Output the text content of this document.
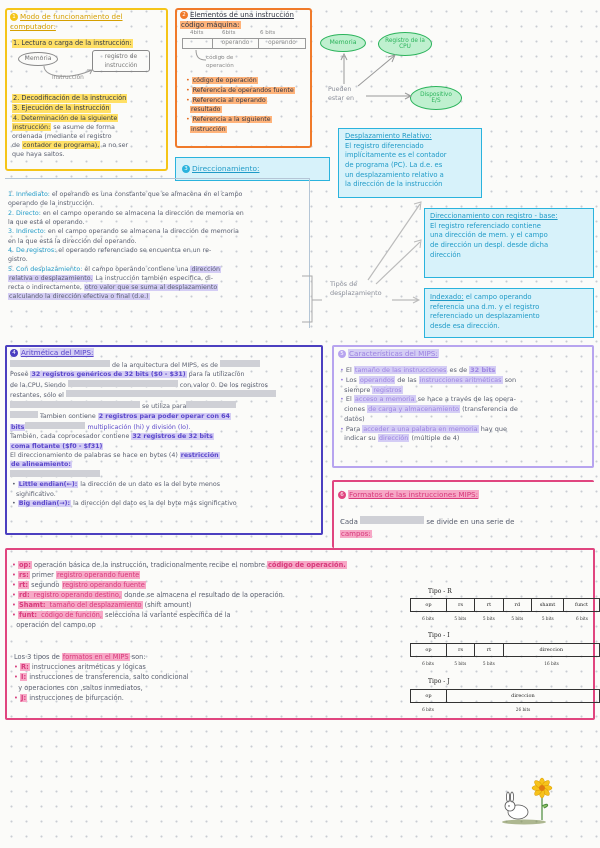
1 Modo de funcionamiento del
computador:
1. Lectura o carga de la instrucción:
Memoria	registro de instrucción
instrucción
2. Decodificación de la instrucción
3. Ejecución de la instrucción
4. Determinación de la siguiente
instrucción: se asume de forma
ordenada (mediante el registro
de contador de programa), a no ser
que haya saltos.
2 Elementos de una instrucción
código máquina:
4bits	6bits	6 bits
operando	operando
código de operación
• código de operación
• Referencia de operandos fuente
• Referencia al operando
resultado
• Referencia a la siguiente
instrucción
Memoria	Registro de la CPU
Dispositivo E/S
Pueden estar en
Desplazamiento Relativo:
El registro diferenciado
implícitamente es el contador
de programa (PC). La d.e. es
un desplazamiento relativo a
la dirección de la instrucción
3 Direccionamiento:
1. Inmediato: el operando es una constante que se almacena en el campo
operando de la instrucción.
2. Directo: en el campo operando se almacena la dirección de memoria en
la que está el operando.
3. Indirecto: en el campo operando se almacena la dirección de memoria
en la que está la dirección del operando.
4. De registros: el operando referenciado se encuentra en un re-
gistro.
5. Con desplazamiento: el campo operando contiene una dirección
relativa o desplazamiento. La instrucción también especifica, di-
recta o indirectamente, otro valor que se suma al desplazamiento
calculando la dirección efectiva o final (d.e.)
Tipos de desplazamiento
Direccionamiento con registro - base:
El registro referenciado contiene
una dirección de mem. y el campo
de dirección un despl. desde dicha
dirección
Indexado: el campo operando
referencia una d.m. y el registro
referenciado un desplazamiento
desde esa dirección.
4 Aritmética del MIPS:
de la arquitectura del MIPS, es de
Posee 32 registros genéricos de 32 bits ($0 - $31) para la utilización
de la CPU. Siendo	con valor 0. De los registros
restantes, sólo el
se utiliza para
Tambien contiene 2 registros para poder operar con 64
bits	multiplicación (hi) y división (lo).
También, cada coprocesador contiene 32 registros de 32 bits
coma flotante ($f0 - $f31)
El direccionamiento de palabras se hace en bytes (4) restricción
de alineamiento:

• Little endian(←): la dirección de un dato es la del byte menos
significativo.
• Big endian(→): la dirección del dato es la del byte más significativo
5 Características del MIPS:
• El tamaño de las instrucciones es de 32 bits
• Los operandos de las instrucciones aritméticas son
siempre registros
• El acceso a memoria se hace a través de las opera-
ciones de carga y almacenamiento (transferencia de
datos)
• Para acceder a una palabra en memoria hay que
indicar su dirección (múltiple de 4)
6 Formatos de las instrucciones MIPS:
Cada	se divide en una serie de
campos:
• op: operación básica de la instrucción, tradicionalmente recibe el nombre código de operación.
• rs: primer registro operando fuente
• rt: segundo registro operando fuente
• rd: registro operando destino, donde se almacena el resultado de la operación.
• Shamt: tamaño del desplazamiento (shift amount)
• funt: código de función, selecciona la variante específica de la
operación del campo op
Los 3 tipos de formatos en el MIPS son:
• R: instrucciones aritméticas y lógicas
• I: instrucciones de transferencia, salto condicional
y operaciones con ,saltos inmediatos,
• J: instrucciones de bifurcación.
Tipo - R
op	rs	rt	rd	shamt	funct
6 bits	5 bits	5 bits	5 bits	5 bits	6 bits
Tipo - I
op	rs	rt	direccion
6 bits	5 bits	5 bits	16 bits
Tipo - J
op	direccion
6 bits	26 bits
